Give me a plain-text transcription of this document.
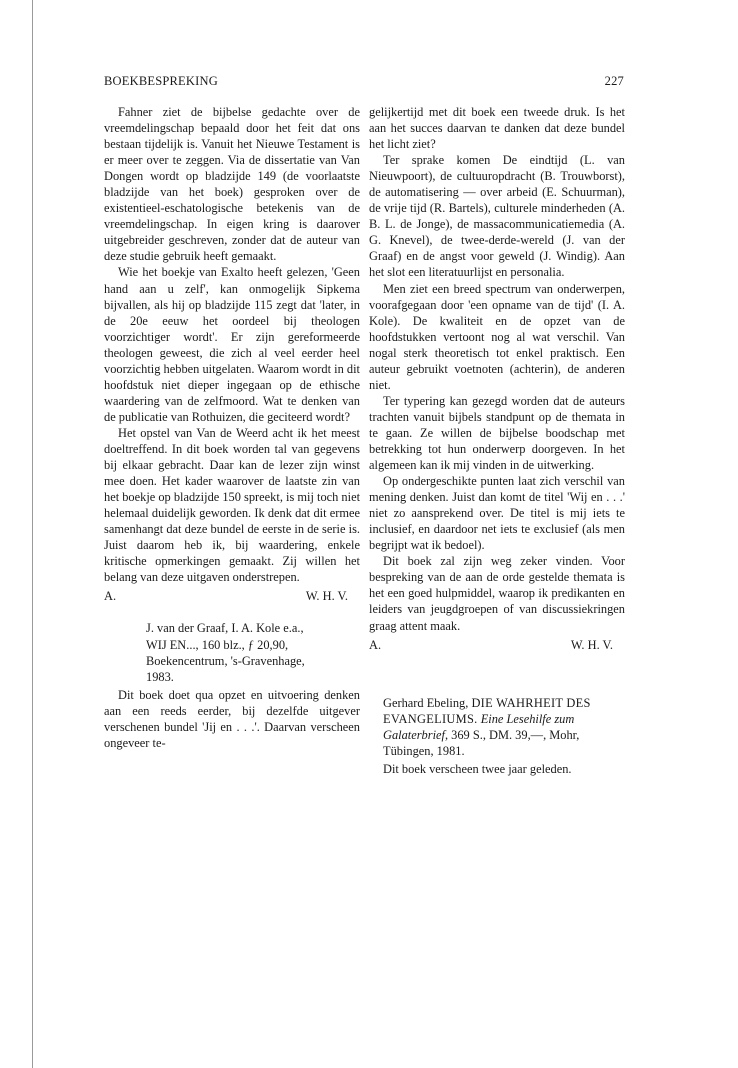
BOEKBESPREKING	227

Fahner ziet de bijbelse gedachte over de vreemdelingschap bepaald door het feit dat ons bestaan tijdelijk is. Vanuit het Nieuwe Testament is er meer over te zeggen. Via de dissertatie van Van Dongen wordt op bladzijde 149 (de voorlaatste bladzijde van het boek) gesproken over de existentieel-eschatologische betekenis van de vreemdelingschap. In eigen kring is daarover uitgebreider geschreven, zonder dat de auteur van deze studie gebruik heeft gemaakt.

Wie het boekje van Exalto heeft gelezen, 'Geen hand aan u zelf', kan onmogelijk Sipkema bijvallen, als hij op bladzijde 115 zegt dat 'later, in de 20e eeuw het oordeel bij theologen voorzichtiger wordt'. Er zijn gereformeerde theologen geweest, die zich al veel eerder heel voorzichtig hebben uitgelaten. Waarom wordt in dit hoofdstuk niet dieper ingegaan op de ethische waardering van de zelfmoord. Wat te denken van de publicatie van Rothuizen, die geciteerd wordt?

Het opstel van Van de Weerd acht ik het meest doeltreffend. In dit boek worden tal van gegevens bij elkaar gebracht. Daar kan de lezer zijn winst mee doen. Het kader waarover de laatste zin van het boekje op bladzijde 150 spreekt, is mij toch niet helemaal duidelijk geworden. Ik denk dat dit ermee samenhangt dat deze bundel de eerste in de serie is. Juist daarom heb ik, bij waardering, enkele kritische opmerkingen gemaakt. Zij willen het belang van deze uitgaven onderstrepen.

A.	W. H. V.
J. van der Graaf, I. A. Kole e.a.,
WIJ EN..., 160 blz., ƒ 20,90,
Boekencentrum, 's-Gravenhage,
1983.

Dit boek doet qua opzet en uitvoering denken aan een reeds eerder, bij dezelfde uitgever verschenen bundel 'Jij en . . .'. Daarvan verscheen ongeveer te-

gelijkertijd met dit boek een tweede druk. Is het aan het succes daarvan te danken dat deze bundel het licht ziet?

Ter sprake komen De eindtijd (L. van Nieuwpoort), de cultuuropdracht (B. Trouwborst), de automatisering — over arbeid (E. Schuurman), de vrije tijd (R. Bartels), culturele minderheden (A. B. L. de Jonge), de massacommunicatiemedia (A. G. Knevel), de twee-derde-wereld (J. van der Graaf) en de angst voor geweld (J. Windig). Aan het slot een literatuurlijst en personalia.

Men ziet een breed spectrum van onderwerpen, voorafgegaan door 'een opname van de tijd' (I. A. Kole). De kwaliteit en de opzet van de hoofdstukken vertoont nog al wat verschil. Van nogal sterk theoretisch tot enkel praktisch. Een auteur gebruikt voetnoten (achterin), de anderen niet.

Ter typering kan gezegd worden dat de auteurs trachten vanuit bijbels standpunt op de themata in te gaan. Ze willen de bijbelse boodschap met betrekking tot hun onderwerp doorgeven. In het algemeen kan ik mij vinden in de uitwerking.

Op ondergeschikte punten laat zich verschil van mening denken. Juist dan komt de titel 'Wij en . . .' niet zo aansprekend over. De titel is mij iets te inclusief, en daardoor net iets te exclusief (als men begrijpt wat ik bedoel).

Dit boek zal zijn weg zeker vinden. Voor bespreking van de aan de orde gestelde themata is het een goed hulpmiddel, waarop ik predikanten en leiders van jeugdgroepen of van discussiekringen graag attent maak.

A.	W. H. V.
Gerhard Ebeling, DIE WAHRHEIT DES EVANGELIUMS. Eine Lesehilfe zum Galaterbrief, 369 S., DM. 39,—, Mohr, Tübingen, 1981.

Dit boek verscheen twee jaar geleden.
